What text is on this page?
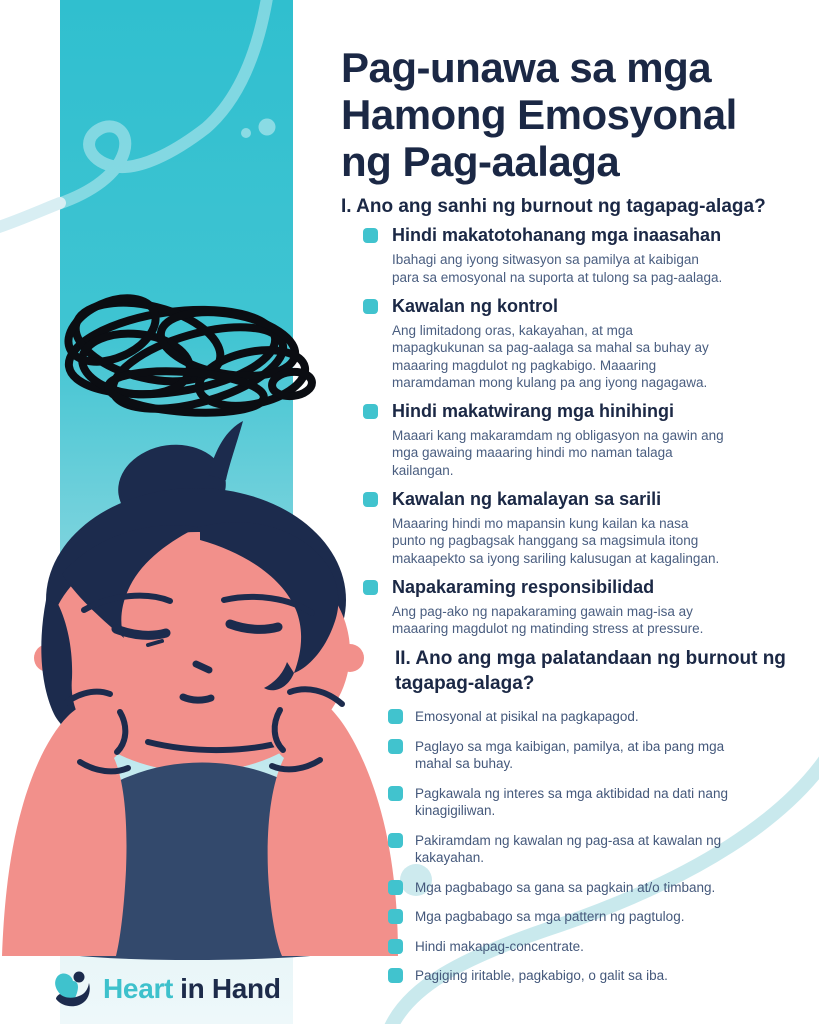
Pag-unawa sa mga
Hamong Emosyonal
ng Pag-aalaga
I. Ano ang sanhi ng burnout ng tagapag-alaga?
Hindi makatotohanang mga inaasahan

Ibahagi ang iyong sitwasyon sa pamilya at kaibigan para sa emosyonal na suporta at tulong sa pag-aalaga.

Kawalan ng kontrol

Ang limitadong oras, kakayahan, at mga mapagkukunan sa pag-aalaga sa mahal sa buhay ay maaaring magdulot ng pagkabigo. Maaaring maramdaman mong kulang pa ang iyong nagagawa.

Hindi makatwirang mga hinihingi

Maaari kang makaramdam ng obligasyon na gawin ang mga gawaing maaaring hindi mo naman talaga kailangan.

Kawalan ng kamalayan sa sarili

Maaaring hindi mo mapansin kung kailan ka nasa punto ng pagbagsak hanggang sa magsimula itong makaapekto sa iyong sariling kalusugan at kagalingan.

Napakaraming responsibilidad

Ang pag-ako ng napakaraming gawain mag-isa ay maaaring magdulot ng matinding stress at pressure.

II. Ano ang mga palatandaan ng burnout ng tagapag-alaga?
Emosyonal at pisikal na pagkapagod.
Paglayo sa mga kaibigan, pamilya, at iba pang mga mahal sa buhay.
Pagkawala ng interes sa mga aktibidad na dati nang kinagigiliwan.
Pakiramdam ng kawalan ng pag-asa at kawalan ng kakayahan.
Mga pagbabago sa gana sa pagkain at/o timbang.
Mga pagbabago sa mga pattern ng pagtulog.
Hindi makapag-concentrate.
Pagiging iritable, pagkabigo, o galit sa iba.
Heart in Hand
